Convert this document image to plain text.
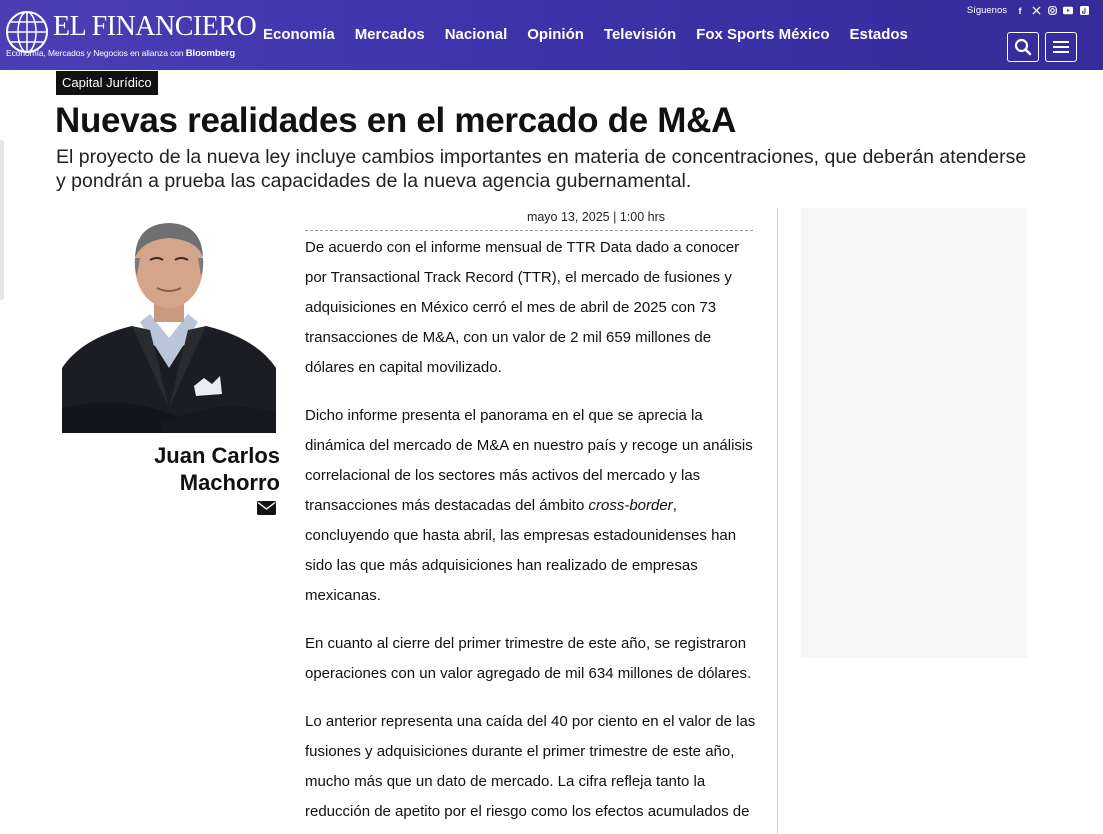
EL FINANCIERO
Economía, Mercados y Negocios en alianza con Bloomberg
Economía Mercados Nacional Opinión Televisión Fox Sports México Estados
Síguenos	f
Capital Jurídico
Nuevas realidades en el mercado de M&A
El proyecto de la nueva ley incluye cambios importantes en materia de concentraciones, que deberán atenderse y pondrán a prueba las capacidades de la nueva agencia gubernamental.
Juan Carlos Machorro
mayo 13, 2025 | 1:00 hrs

De acuerdo con el informe mensual de TTR Data dado a conocer por Transactional Track Record (TTR), el mercado de fusiones y adquisiciones en México cerró el mes de abril de 2025 con 73 transacciones de M&A, con un valor de 2 mil 659 millones de dólares en capital movilizado.

Dicho informe presenta el panorama en el que se aprecia la dinámica del mercado de M&A en nuestro país y recoge un análisis correlacional de los sectores más activos del mercado y las transacciones más destacadas del ámbito cross-border, concluyendo que hasta abril, las empresas estadounidenses han sido las que más adquisiciones han realizado de empresas mexicanas.

En cuanto al cierre del primer trimestre de este año, se registraron operaciones con un valor agregado de mil 634 millones de dólares.

Lo anterior representa una caída del 40 por ciento en el valor de las fusiones y adquisiciones durante el primer trimestre de este año, mucho más que un dato de mercado. La cifra refleja tanto la reducción de apetito por el riesgo como los efectos acumulados de
